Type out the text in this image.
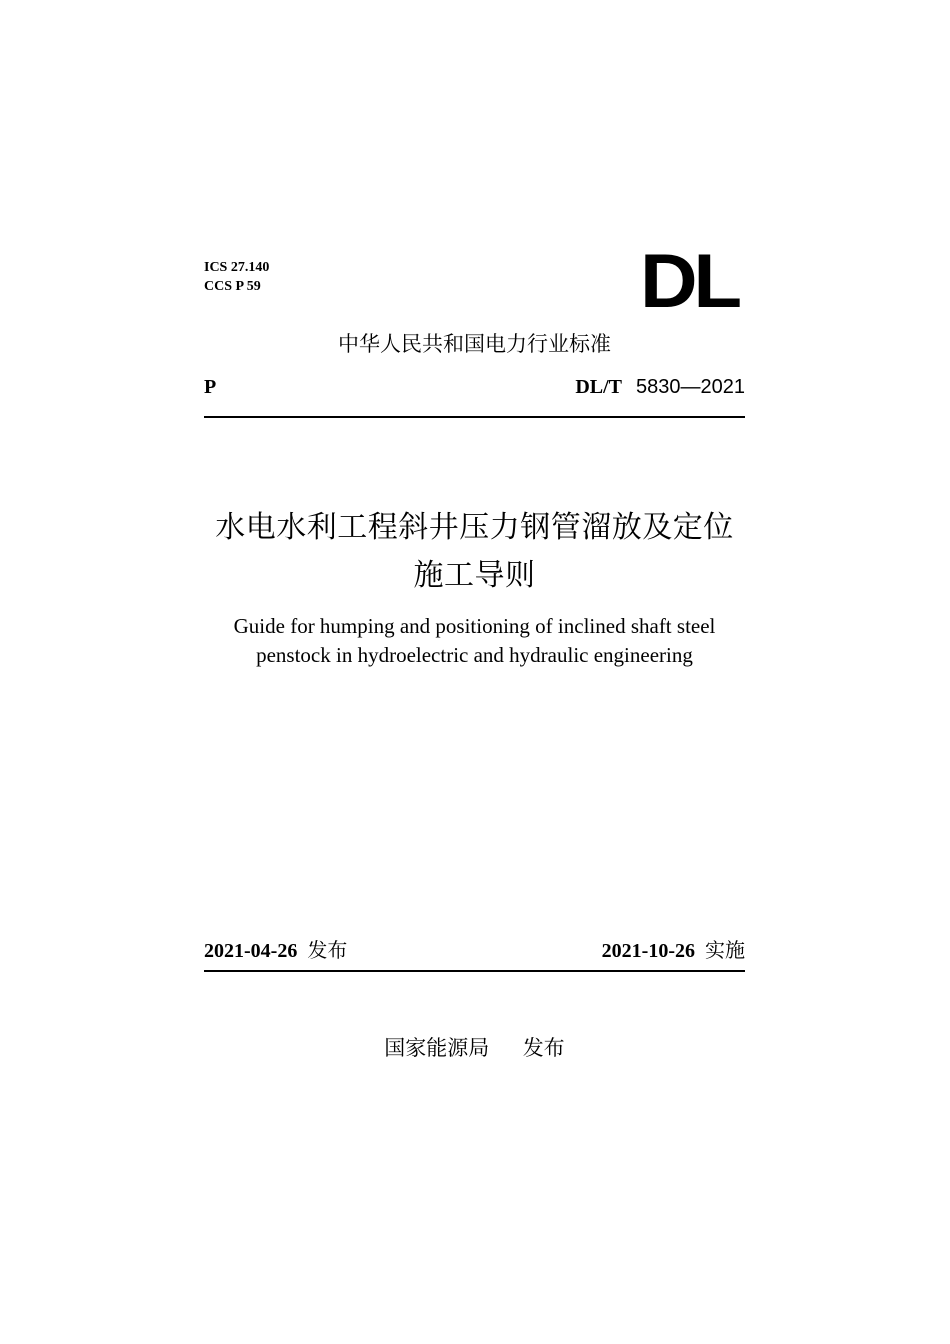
ICS 27.140
CCS P 59	DL
中华人民共和国电力行业标准
P	DL/T 5830—2021
水电水利工程斜井压力钢管溜放及定位
施工导则
Guide for humping and positioning of inclined shaft steel
penstock in hydroelectric and hydraulic engineering
2021-04-26 发布	2021-10-26 实施
国家能源局 发布
